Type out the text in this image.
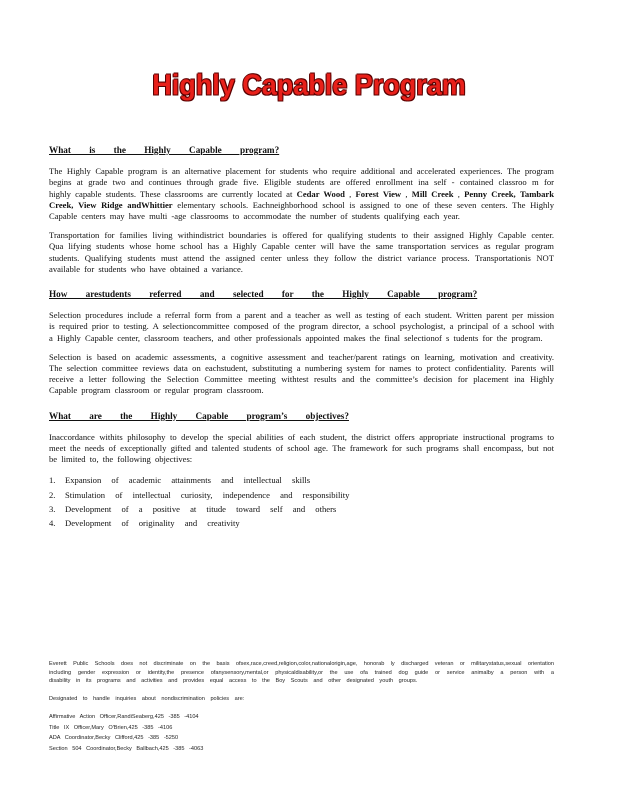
Highly Capable Program
What is the Highly Capable program?

The Highly Capable program is an alternative placement for students who require additional and accelerated experiences. The program begins at grade two and continues through grade five. Eligible students are offered enrollment ina self - contained classroo m for highly capable students. These classrooms are currently located at Cedar Wood , Forest View , Mill Creek , Penny Creek, Tambark Creek, View Ridge andWhittier elementary schools. Eachneighborhood school is assigned to one of these seven centers. The Highly Capable centers may have multi -age classrooms to accommodate the number of students qualifying each year.

Transportation for families living withindistrict boundaries is offered for qualifying students to their assigned Highly Capable center. Qua lifying students whose home school has a Highly Capable center will have the same transportation services as regular program students. Qualifying students must attend the assigned center unless they follow the district variance process. Transportationis NOT available for students who have obtained a variance.

How arestudents referred and selected for the Highly Capable program?

Selection procedures include a referral form from a parent and a teacher as well as testing of each student. Written parent per mission is required prior to testing. A selectioncommittee composed of the program director, a school psychologist, a principal of a school with a Highly Capable center, classroom teachers, and other professionals appointed makes the final selectionof s tudents for the program.

Selection is based on academic assessments, a cognitive assessment and teacher/parent ratings on learning, motivation and creativity. The selection committee reviews data on eachstudent, substituting a numbering system for names to protect confidentiality. Parents will receive a letter following the Selection Committee meeting withtest results and the committee’s decision for placement ina Highly Capable program classroom or regular program classroom.

What are the Highly Capable program’s objectives?

Inaccordance withits philosophy to develop the special abilities of each student, the district offers appropriate instructional programs to meet the needs of exceptionally gifted and talented students of school age. The framework for such programs shall encompass, but not be limited to, the following objectives:

1. Expansion of academic attainments and intellectual skills
2. Stimulation of intellectual curiosity, independence and responsibility
3. Development of a positive at titude toward self and others
4. Development of originality and creativity

Everett Public Schools does not discriminate on the basis ofsex,race,creed,religion,color,nationalorigin,age, honorab ly discharged veteran or militarystatus,sexual orientation including gender expression or identity,the presence ofanysensory,mental,or physicaldisability,or the use ofa trained dog guide or service animalby a person with a disability in its programs and activities and provides equal access to the Boy Scouts and other designated youth groups.

Designated to handle inquiries about nondiscrimination policies are:

Affirmative Action Officer,RandiSeaberg,425 -385 -4104
Title IX Officer,Mary O'Brien,425 -385 -4106
ADA Coordinator,Becky Clifford,425 -385 -5250
Section 504 Coordinator,Becky Ballbach,425 -385 -4063
